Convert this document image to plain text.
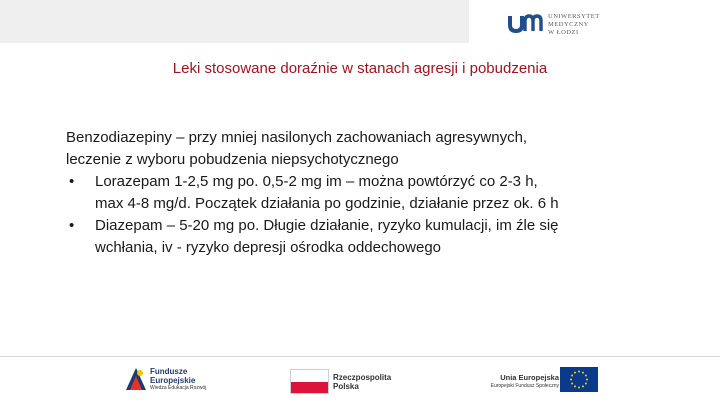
UNIWERSYTET
MEDYCZNY
W ŁODZI
Leki stosowane doraźnie w stanach agresji i pobudzenia

Benzodiazepiny – przy mniej nasilonych zachowaniach agresywnych,
leczenie z wyboru pobudzenia niepsychotycznego

• Lorazepam 1-2,5 mg po. 0,5-2 mg im – można powtórzyć co 2-3 h,
max 4-8 mg/d. Początek działania po godzinie, działanie przez ok. 6 h
• Diazepam – 5-20 mg po. Długie działanie, ryzyko kumulacji, im źle się
wchłania, iv - ryzyko depresji ośrodka oddechowego
Fundusze
Europejskie
Wiedza Edukacja Rozwój
Rzeczpospolita
Polska
Unia Europejska
Europejski Fundusz Społeczny
